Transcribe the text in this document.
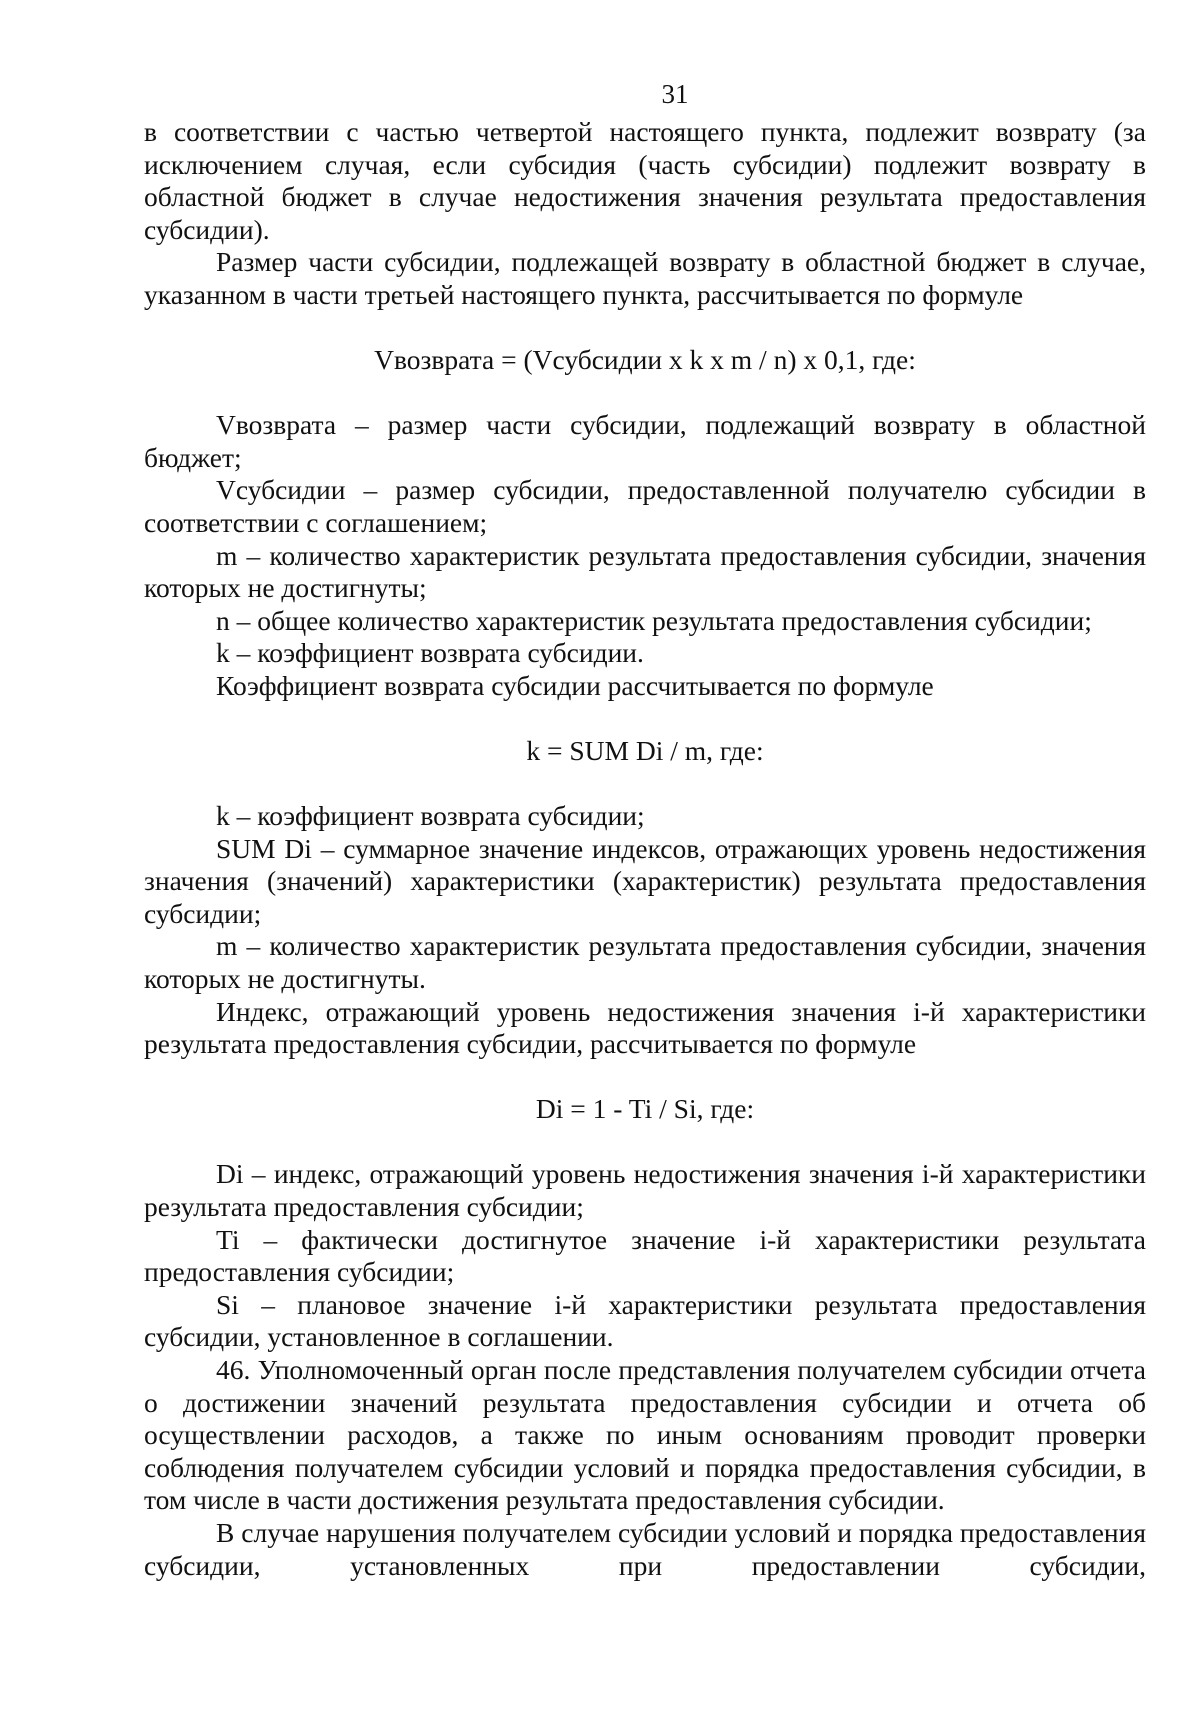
31

в соответствии с частью четвертой настоящего пункта, подлежит возврату (за исключением случая, если субсидия (часть субсидии) подлежит возврату в областной бюджет в случае недостижения значения результата предоставления субсидии).

Размер части субсидии, подлежащей возврату в областной бюджет в случае, указанном в части третьей настоящего пункта, рассчитывается по формуле

Vвозврата = (Vсубсидии x k x m / n) x 0,1, где:

Vвозврата – размер части субсидии, подлежащий возврату в областной бюджет;

Vсубсидии – размер субсидии, предоставленной получателю субсидии в соответствии с соглашением;

m – количество характеристик результата предоставления субсидии, значения которых не достигнуты;

n – общее количество характеристик результата предоставления субсидии;

k – коэффициент возврата субсидии.

Коэффициент возврата субсидии рассчитывается по формуле

k = SUM Di / m, где:

k – коэффициент возврата субсидии;

SUM Di – суммарное значение индексов, отражающих уровень недостижения значения (значений) характеристики (характеристик) результата предоставления субсидии;

m – количество характеристик результата предоставления субсидии, значения которых не достигнуты.

Индекс, отражающий уровень недостижения значения i-й характеристики результата предоставления субсидии, рассчитывается по формуле

Di = 1 - Ti / Si, где:

Di – индекс, отражающий уровень недостижения значения i-й характеристики результата предоставления субсидии;

Ti – фактически достигнутое значение i-й характеристики результата предоставления субсидии;

Si – плановое значение i-й характеристики результата предоставления субсидии, установленное в соглашении.

46. Уполномоченный орган после представления получателем субсидии отчета о достижении значений результата предоставления субсидии и отчета об осуществлении расходов, а также по иным основаниям проводит проверки соблюдения получателем субсидии условий и порядка предоставления субсидии, в том числе в части достижения результата предоставления субсидии.

В случае нарушения получателем субсидии условий и порядка предоставления субсидии, установленных при предоставлении субсидии,
